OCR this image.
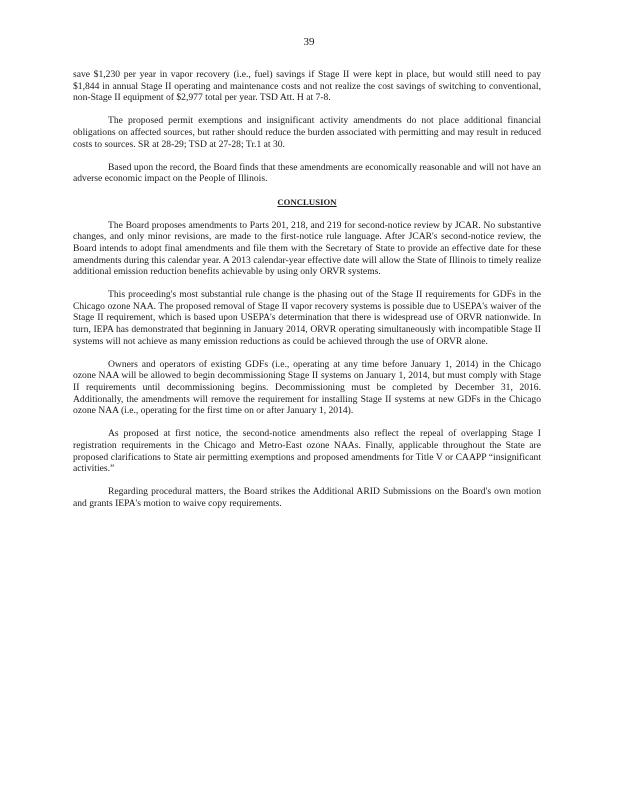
39

save $1,230 per year in vapor recovery (i.e., fuel) savings if Stage II were kept in place, but would still need to pay $1,844 in annual Stage II operating and maintenance costs and not realize the cost savings of switching to conventional, non-Stage II equipment of $2,977 total per year. TSD Att. H at 7-8.

The proposed permit exemptions and insignificant activity amendments do not place additional financial obligations on affected sources, but rather should reduce the burden associated with permitting and may result in reduced costs to sources. SR at 28-29; TSD at 27-28; Tr.1 at 30.

Based upon the record, the Board finds that these amendments are economically reasonable and will not have an adverse economic impact on the People of Illinois.

CONCLUSION

The Board proposes amendments to Parts 201, 218, and 219 for second-notice review by JCAR. No substantive changes, and only minor revisions, are made to the first-notice rule language. After JCAR's second-notice review, the Board intends to adopt final amendments and file them with the Secretary of State to provide an effective date for these amendments during this calendar year. A 2013 calendar-year effective date will allow the State of Illinois to timely realize additional emission reduction benefits achievable by using only ORVR systems.

This proceeding's most substantial rule change is the phasing out of the Stage II requirements for GDFs in the Chicago ozone NAA. The proposed removal of Stage II vapor recovery systems is possible due to USEPA's waiver of the Stage II requirement, which is based upon USEPA's determination that there is widespread use of ORVR nationwide. In turn, IEPA has demonstrated that beginning in January 2014, ORVR operating simultaneously with incompatible Stage II systems will not achieve as many emission reductions as could be achieved through the use of ORVR alone.

Owners and operators of existing GDFs (i.e., operating at any time before January 1, 2014) in the Chicago ozone NAA will be allowed to begin decommissioning Stage II systems on January 1, 2014, but must comply with Stage II requirements until decommissioning begins. Decommissioning must be completed by December 31, 2016. Additionally, the amendments will remove the requirement for installing Stage II systems at new GDFs in the Chicago ozone NAA (i.e., operating for the first time on or after January 1, 2014).

As proposed at first notice, the second-notice amendments also reflect the repeal of overlapping Stage I registration requirements in the Chicago and Metro-East ozone NAAs. Finally, applicable throughout the State are proposed clarifications to State air permitting exemptions and proposed amendments for Title V or CAAPP “insignificant activities.”

Regarding procedural matters, the Board strikes the Additional ARID Submissions on the Board's own motion and grants IEPA's motion to waive copy requirements.
